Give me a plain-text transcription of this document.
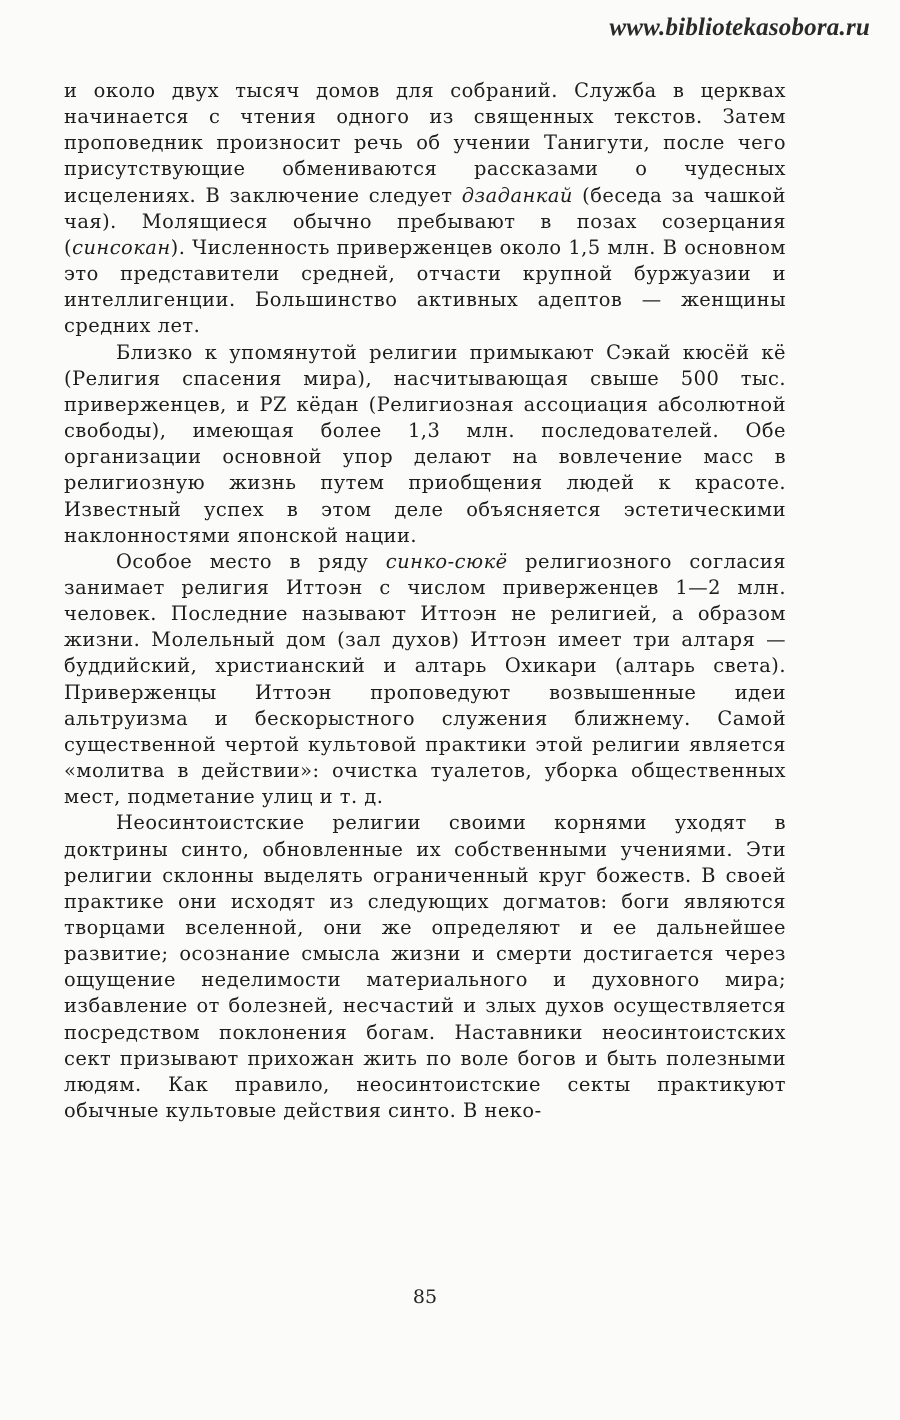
www.bibliotekasobora.ru

и около двух тысяч домов для собраний. Служба в церквах начинается с чтения одного из священных текстов. Затем проповедник произносит речь об учении Танигути, после чего присутствующие обмениваются рассказами о чудесных исцелениях. В заключение следует дзаданкай (беседа за чашкой чая). Молящиеся обычно пребывают в позах созерцания (синсокан). Численность приверженцев около 1,5 млн. В основном это представители средней, отчасти крупной буржуазии и интеллигенции. Большинство активных адептов — женщины средних лет.

Близко к упомянутой религии примыкают Сэкай кюсёй кё (Религия спасения мира), насчитывающая свыше 500 тыс. приверженцев, и PZ кёдан (Религиозная ассоциация абсолютной свободы), имеющая более 1,3 млн. последователей. Обе организации основной упор делают на вовлечение масс в религиозную жизнь путем приобщения людей к красоте. Известный успех в этом деле объясняется эстетическими наклонностями японской нации.

Особое место в ряду синко-сюкё религиозного согласия занимает религия Иттоэн с числом приверженцев 1—2 млн. человек. Последние называют Иттоэн не религией, а образом жизни. Молельный дом (зал духов) Иттоэн имеет три алтаря — буддийский, христианский и алтарь Охикари (алтарь света). Приверженцы Иттоэн проповедуют возвышенные идеи альтруизма и бескорыстного служения ближнему. Самой существенной чертой культовой практики этой религии является «молитва в действии»: очистка туалетов, уборка общественных мест, подметание улиц и т. д.

Неосинтоистские религии своими корнями уходят в доктрины синто, обновленные их собственными учениями. Эти религии склонны выделять ограниченный круг божеств. В своей практике они исходят из следующих догматов: боги являются творцами вселенной, они же определяют и ее дальнейшее развитие; осознание смысла жизни и смерти достигается через ощущение неделимости материального и духовного мира; избавление от болезней, несчастий и злых духов осуществляется посредством поклонения богам. Наставники неосинтоистских сект призывают прихожан жить по воле богов и быть полезными людям. Как правило, неосинтоистские секты практикуют обычные культовые действия синто. В неко-

85
